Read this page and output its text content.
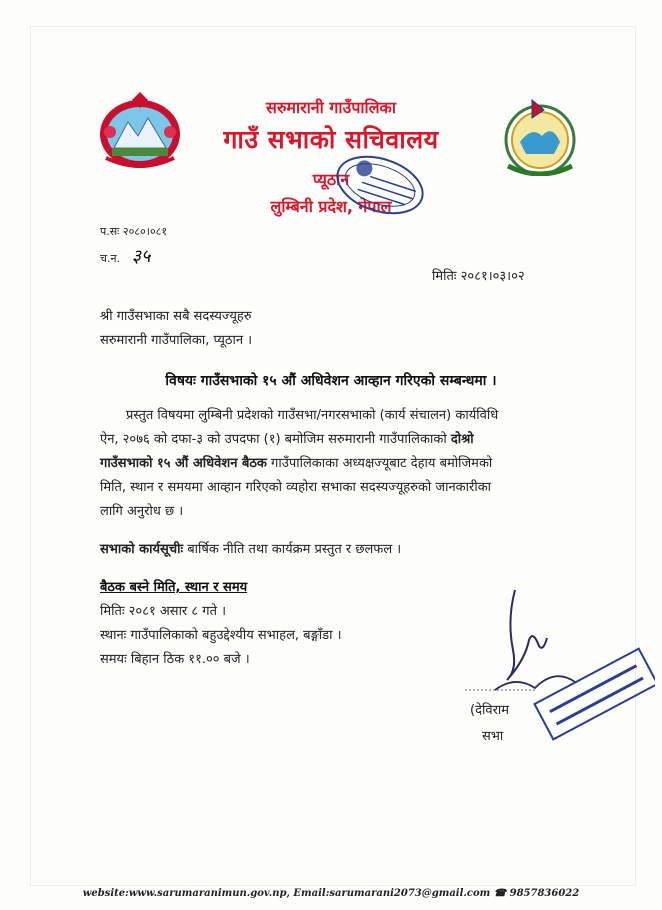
सरुमारानी गाउँपालिका
गाउँ सभाको सचिवालय
प्यूठान
लुम्बिनी प्रदेश, नेपाल
प.सः २०८०।०८१
च.न. ३५
मितिः २०८१।०३।०२
श्री गाउँसभाका सबै सदस्यज्यूहरु
सरुमारानी गाउँपालिका, प्यूठान ।
विषयः गाउँसभाको १५ औं अधिवेशन आव्हान गरिएको सम्बन्धमा ।
प्रस्तुत विषयमा लुम्बिनी प्रदेशको गाउँसभा/नगरसभाको (कार्य संचालन) कार्यविधि
ऐन, २०७६ को दफा-३ को उपदफा (१) बमोजिम सरुमारानी गाउँपालिकाको दोश्रो
गाउँसभाको १५ औं अधिवेशन बैठक गाउँपालिकाका अध्यक्षज्यूबाट देहाय बमोजिमको
मिति, स्थान र समयमा आव्हान गरिएको व्यहोरा सभाका सदस्यज्यूहरुको जानकारीका
लागि अनुरोध छ ।
सभाको कार्यसूचीः बार्षिक नीति तथा कार्यक्रम प्रस्तुत र छलफल ।
बैठक बस्ने मिति, स्थान र समय
मितिः २०८१ असार ८ गते ।
स्थानः गाउँपालिकाको बहुउद्देश्यीय सभाहल, बङ्गाँडा ।
समयः बिहान ठिक ११.०० बजे ।
(देविराम
सभा
website:www.sarumaranimun.gov.np, Email:sarumarani2073@gmail.com ☎ 9857836022
